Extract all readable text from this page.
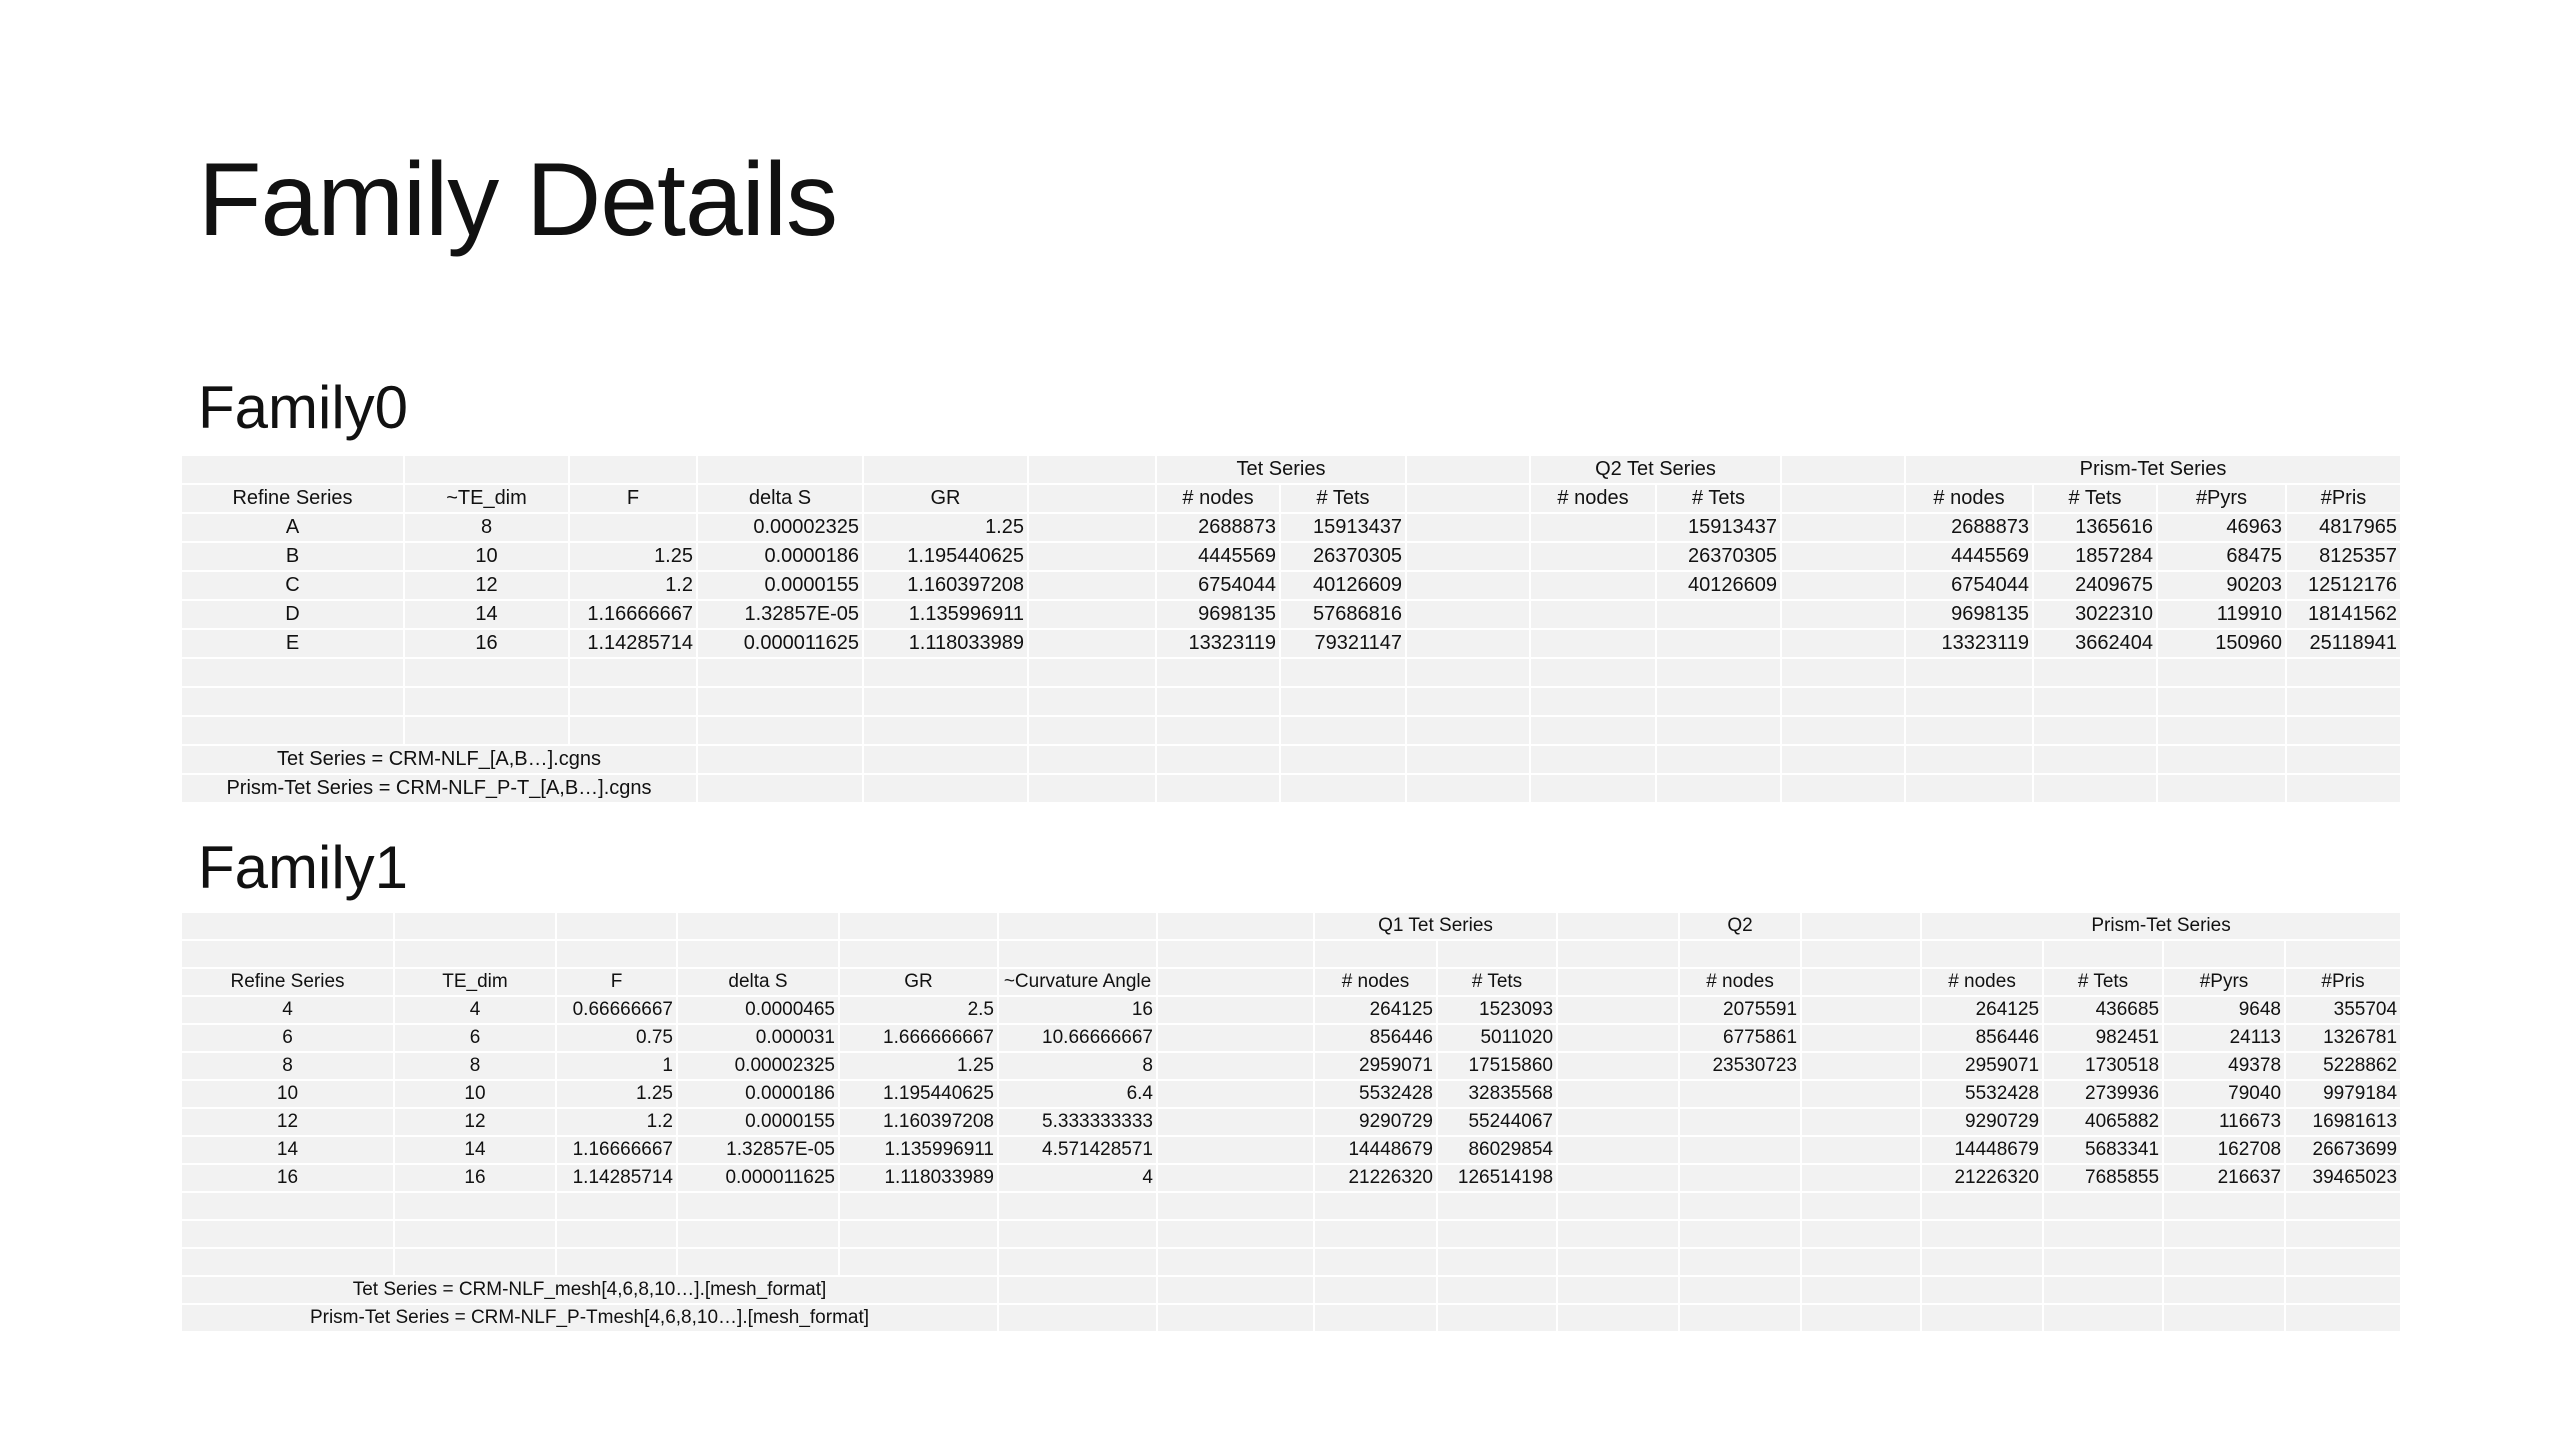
Family Details
Family0
						Tet Series			Q2 Tet Series			Prism-Tet Series			
Refine Series	~TE_dim	F	delta S	GR		# nodes	# Tets		# nodes	# Tets		# nodes	# Tets	#Pyrs	#Pris
A	8		0.00002325	1.25		2688873	15913437			15913437		2688873	1365616	46963	4817965
B	10	1.25	0.0000186	1.195440625		4445569	26370305			26370305		4445569	1857284	68475	8125357
C	12	1.2	0.0000155	1.160397208		6754044	40126609			40126609		6754044	2409675	90203	12512176
D	14	1.16666667	1.32857E-05	1.135996911		9698135	57686816					9698135	3022310	119910	18141562
E	16	1.14285714	0.000011625	1.118033989		13323119	79321147					13323119	3662404	150960	25118941

Tet Series = CRM-NLF_[A,B…].cgns															
Prism-Tet Series = CRM-NLF_P-T_[A,B…].cgns															
Family1
							Q1 Tet Series			Q2		Prism-Tet Series			

Refine Series	TE_dim	F	delta S	GR	~Curvature Angle		# nodes	# Tets		# nodes		# nodes	# Tets	#Pyrs	#Pris
4	4	0.66666667	0.0000465	2.5	16		264125	1523093		2075591		264125	436685	9648	355704
6	6	0.75	0.000031	1.666666667	10.66666667		856446	5011020		6775861		856446	982451	24113	1326781
8	8	1	0.00002325	1.25	8		2959071	17515860		23530723		2959071	1730518	49378	5228862
10	10	1.25	0.0000186	1.195440625	6.4		5532428	32835568				5532428	2739936	79040	9979184
12	12	1.2	0.0000155	1.160397208	5.333333333		9290729	55244067				9290729	4065882	116673	16981613
14	14	1.16666667	1.32857E-05	1.135996911	4.571428571		14448679	86029854				14448679	5683341	162708	26673699
16	16	1.14285714	0.000011625	1.118033989	4		21226320	126514198				21226320	7685855	216637	39465023

Tet Series = CRM-NLF_mesh[4,6,8,10…].[mesh_format]															
Prism-Tet Series = CRM-NLF_P-Tmesh[4,6,8,10…].[mesh_format]															
